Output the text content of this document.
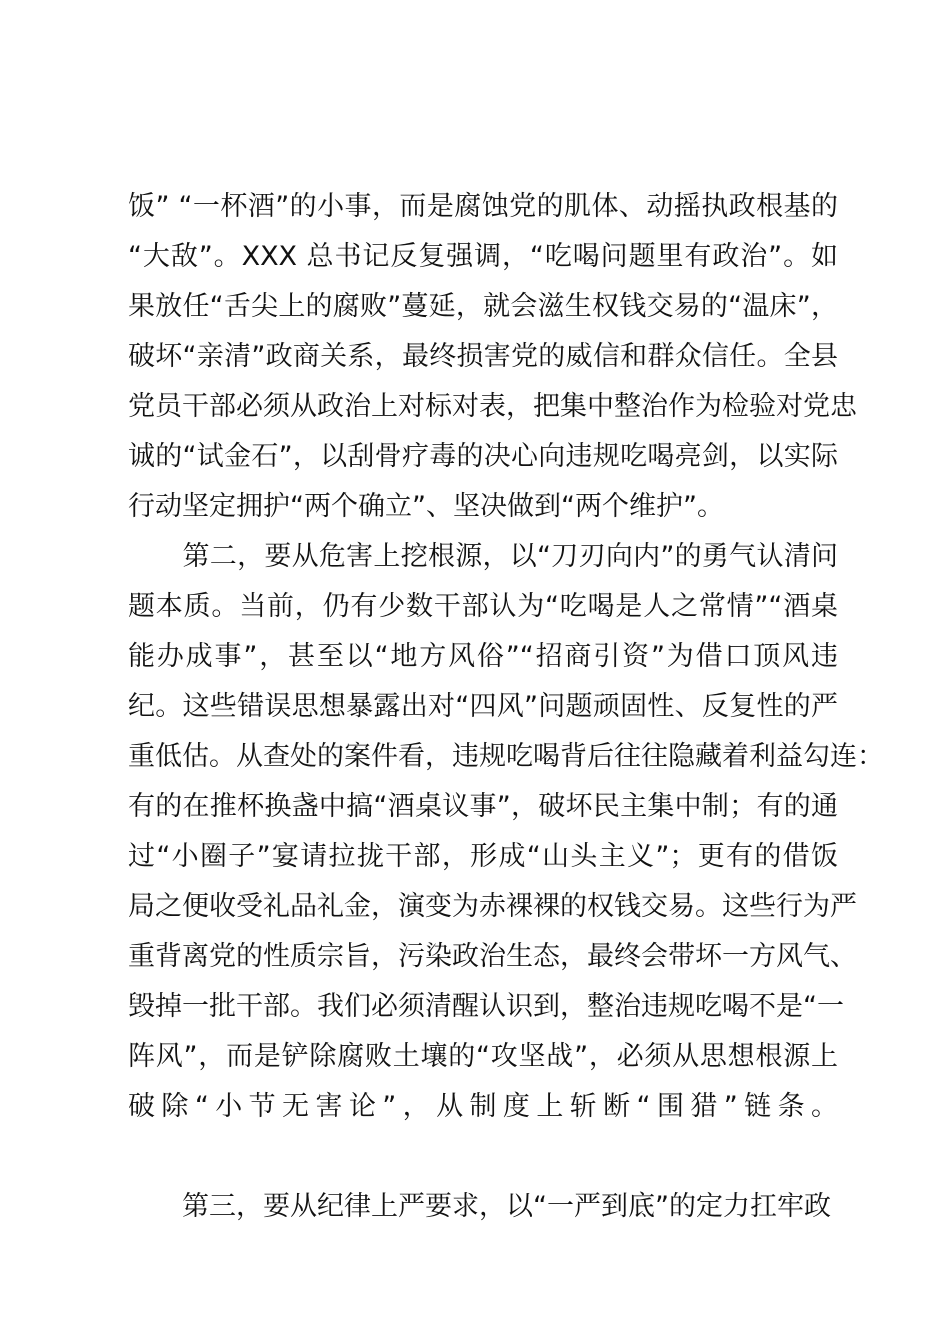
饭” “一杯酒”的小事，而是腐蚀党的肌体、动摇执政根基的
“大敌”。XXX 总书记反复强调，“吃喝问题里有政治”。如
果放任“舌尖上的腐败”蔓延，就会滋生权钱交易的“温床”，
破坏“亲清”政商关系，最终损害党的威信和群众信任。全县
党员干部必须从政治上对标对表，把集中整治作为检验对党忠
诚的“试金石”，以刮骨疗毒的决心向违规吃喝亮剑，以实际
行动坚定拥护“两个确立”、坚决做到“两个维护”。
　　第二，要从危害上挖根源，以“刀刃向内”的勇气认清问
题本质。当前，仍有少数干部认为“吃喝是人之常情”“酒桌
能办成事”，甚至以“地方风俗”“招商引资”为借口顶风违
纪。这些错误思想暴露出对“四风”问题顽固性、反复性的严
重低估。从查处的案件看，违规吃喝背后往往隐藏着利益勾连：
有的在推杯换盏中搞“酒桌议事”，破坏民主集中制；有的通
过“小圈子”宴请拉拢干部，形成“山头主义”；更有的借饭
局之便收受礼品礼金，演变为赤裸裸的权钱交易。这些行为严
重背离党的性质宗旨，污染政治生态，最终会带坏一方风气、
毁掉一批干部。我们必须清醒认识到，整治违规吃喝不是“一
阵风”，而是铲除腐败土壤的“攻坚战”，必须从思想根源上
破除“小节无害论”，从制度上斩断“围猎”链条。
　　第三，要从纪律上严要求，以“一严到底”的定力扛牢政
